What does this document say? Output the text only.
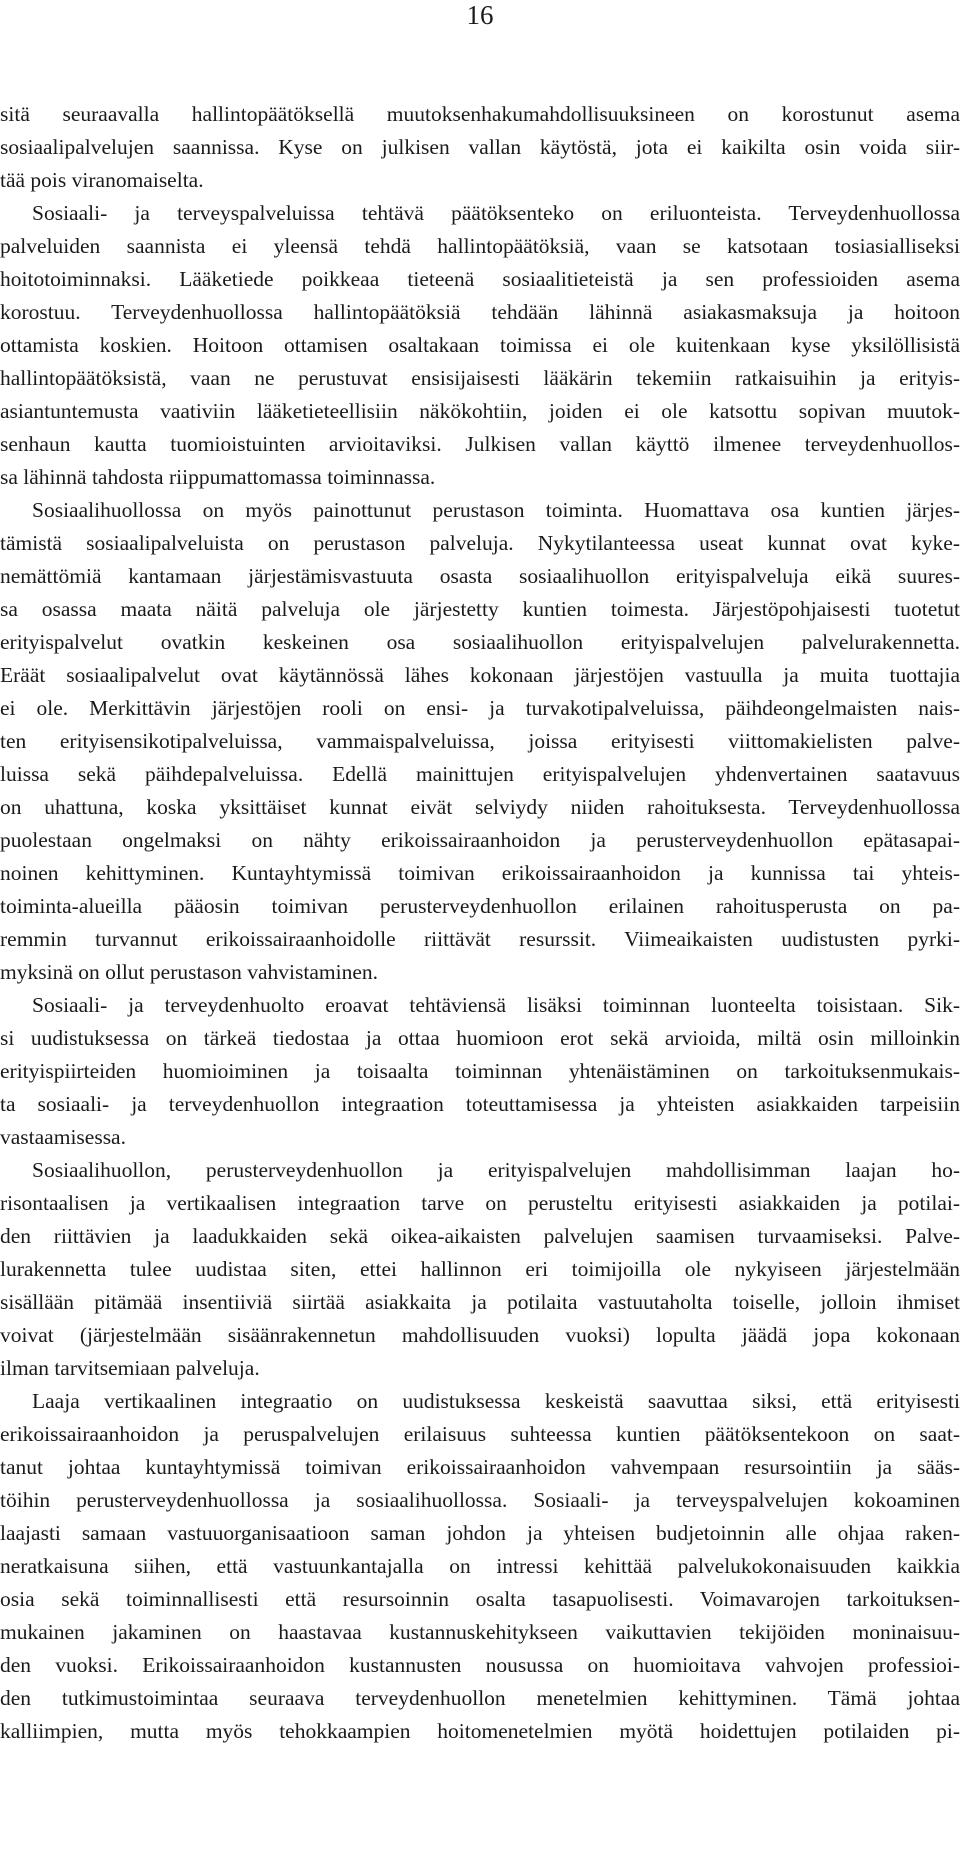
16
sitä seuraavalla hallintopäätöksellä muutoksenhakumahdollisuuksineen on korostunut asema
sosiaalipalvelujen saannissa. Kyse on julkisen vallan käytöstä, jota ei kaikilta osin voida siir-
tää pois viranomaiselta.
Sosiaali- ja terveyspalveluissa tehtävä päätöksenteko on eriluonteista. Terveydenhuollossa
palveluiden saannista ei yleensä tehdä hallintopäätöksiä, vaan se katsotaan tosiasialliseksi
hoitotoiminnaksi. Lääketiede poikkeaa tieteenä sosiaalitieteistä ja sen professioiden asema
korostuu. Terveydenhuollossa hallintopäätöksiä tehdään lähinnä asiakasmaksuja ja hoitoon
ottamista koskien. Hoitoon ottamisen osaltakaan toimissa ei ole kuitenkaan kyse yksilöllisistä
hallintopäätöksistä, vaan ne perustuvat ensisijaisesti lääkärin tekemiin ratkaisuihin ja erityis-
asiantuntemusta vaativiin lääketieteellisiin näkökohtiin, joiden ei ole katsottu sopivan muutok-
senhaun kautta tuomioistuinten arvioitaviksi. Julkisen vallan käyttö ilmenee terveydenhuollos-
sa lähinnä tahdosta riippumattomassa toiminnassa.
Sosiaalihuollossa on myös painottunut perustason toiminta. Huomattava osa kuntien järjes-
tämistä sosiaalipalveluista on perustason palveluja. Nykytilanteessa useat kunnat ovat kyke-
nemättömiä kantamaan järjestämisvastuuta osasta sosiaalihuollon erityispalveluja eikä suures-
sa osassa maata näitä palveluja ole järjestetty kuntien toimesta. Järjestöpohjaisesti tuotetut
erityispalvelut ovatkin keskeinen osa sosiaalihuollon erityispalvelujen palvelurakennetta.
Eräät sosiaalipalvelut ovat käytännössä lähes kokonaan järjestöjen vastuulla ja muita tuottajia
ei ole. Merkittävin järjestöjen rooli on ensi- ja turvakotipalveluissa, päihdeongelmaisten nais-
ten erityisensikotipalveluissa, vammaispalveluissa, joissa erityisesti viittomakielisten palve-
luissa sekä päihdepalveluissa. Edellä mainittujen erityispalvelujen yhdenvertainen saatavuus
on uhattuna, koska yksittäiset kunnat eivät selviydy niiden rahoituksesta. Terveydenhuollossa
puolestaan ongelmaksi on nähty erikoissairaanhoidon ja perusterveydenhuollon epätasapai-
noinen kehittyminen. Kuntayhtymissä toimivan erikoissairaanhoidon ja kunnissa tai yhteis-
toiminta-alueilla pääosin toimivan perusterveydenhuollon erilainen rahoitusperusta on pa-
remmin turvannut erikoissairaanhoidolle riittävät resurssit. Viimeaikaisten uudistusten pyrki-
myksinä on ollut perustason vahvistaminen.
Sosiaali- ja terveydenhuolto eroavat tehtäviensä lisäksi toiminnan luonteelta toisistaan. Sik-
si uudistuksessa on tärkeä tiedostaa ja ottaa huomioon erot sekä arvioida, miltä osin milloinkin
erityispiirteiden huomioiminen ja toisaalta toiminnan yhtenäistäminen on tarkoituksenmukais-
ta sosiaali- ja terveydenhuollon integraation toteuttamisessa ja yhteisten asiakkaiden tarpeisiin
vastaamisessa.
Sosiaalihuollon, perusterveydenhuollon ja erityispalvelujen mahdollisimman laajan ho-
risontaalisen ja vertikaalisen integraation tarve on perusteltu erityisesti asiakkaiden ja potilai-
den riittävien ja laadukkaiden sekä oikea-aikaisten palvelujen saamisen turvaamiseksi. Palve-
lurakennetta tulee uudistaa siten, ettei hallinnon eri toimijoilla ole nykyiseen järjestelmään
sisällään pitämää insentiiviä siirtää asiakkaita ja potilaita vastuutaholta toiselle, jolloin ihmiset
voivat (järjestelmään sisäänrakennetun mahdollisuuden vuoksi) lopulta jäädä jopa kokonaan
ilman tarvitsemiaan palveluja.
Laaja vertikaalinen integraatio on uudistuksessa keskeistä saavuttaa siksi, että erityisesti
erikoissairaanhoidon ja peruspalvelujen erilaisuus suhteessa kuntien päätöksentekoon on saat-
tanut johtaa kuntayhtymissä toimivan erikoissairaanhoidon vahvempaan resursointiin ja sääs-
töihin perusterveydenhuollossa ja sosiaalihuollossa. Sosiaali- ja terveyspalvelujen kokoaminen
laajasti samaan vastuuorganisaatioon saman johdon ja yhteisen budjetoinnin alle ohjaa raken-
neratkaisuna siihen, että vastuunkantajalla on intressi kehittää palvelukokonaisuuden kaikkia
osia sekä toiminnallisesti että resursoinnin osalta tasapuolisesti. Voimavarojen tarkoituksen-
mukainen jakaminen on haastavaa kustannuskehitykseen vaikuttavien tekijöiden moninaisuu-
den vuoksi. Erikoissairaanhoidon kustannusten nousussa on huomioitava vahvojen professioi-
den tutkimustoimintaa seuraava terveydenhuollon menetelmien kehittyminen. Tämä johtaa
kalliimpien, mutta myös tehokkaampien hoitomenetelmien myötä hoidettujen potilaiden pi-
